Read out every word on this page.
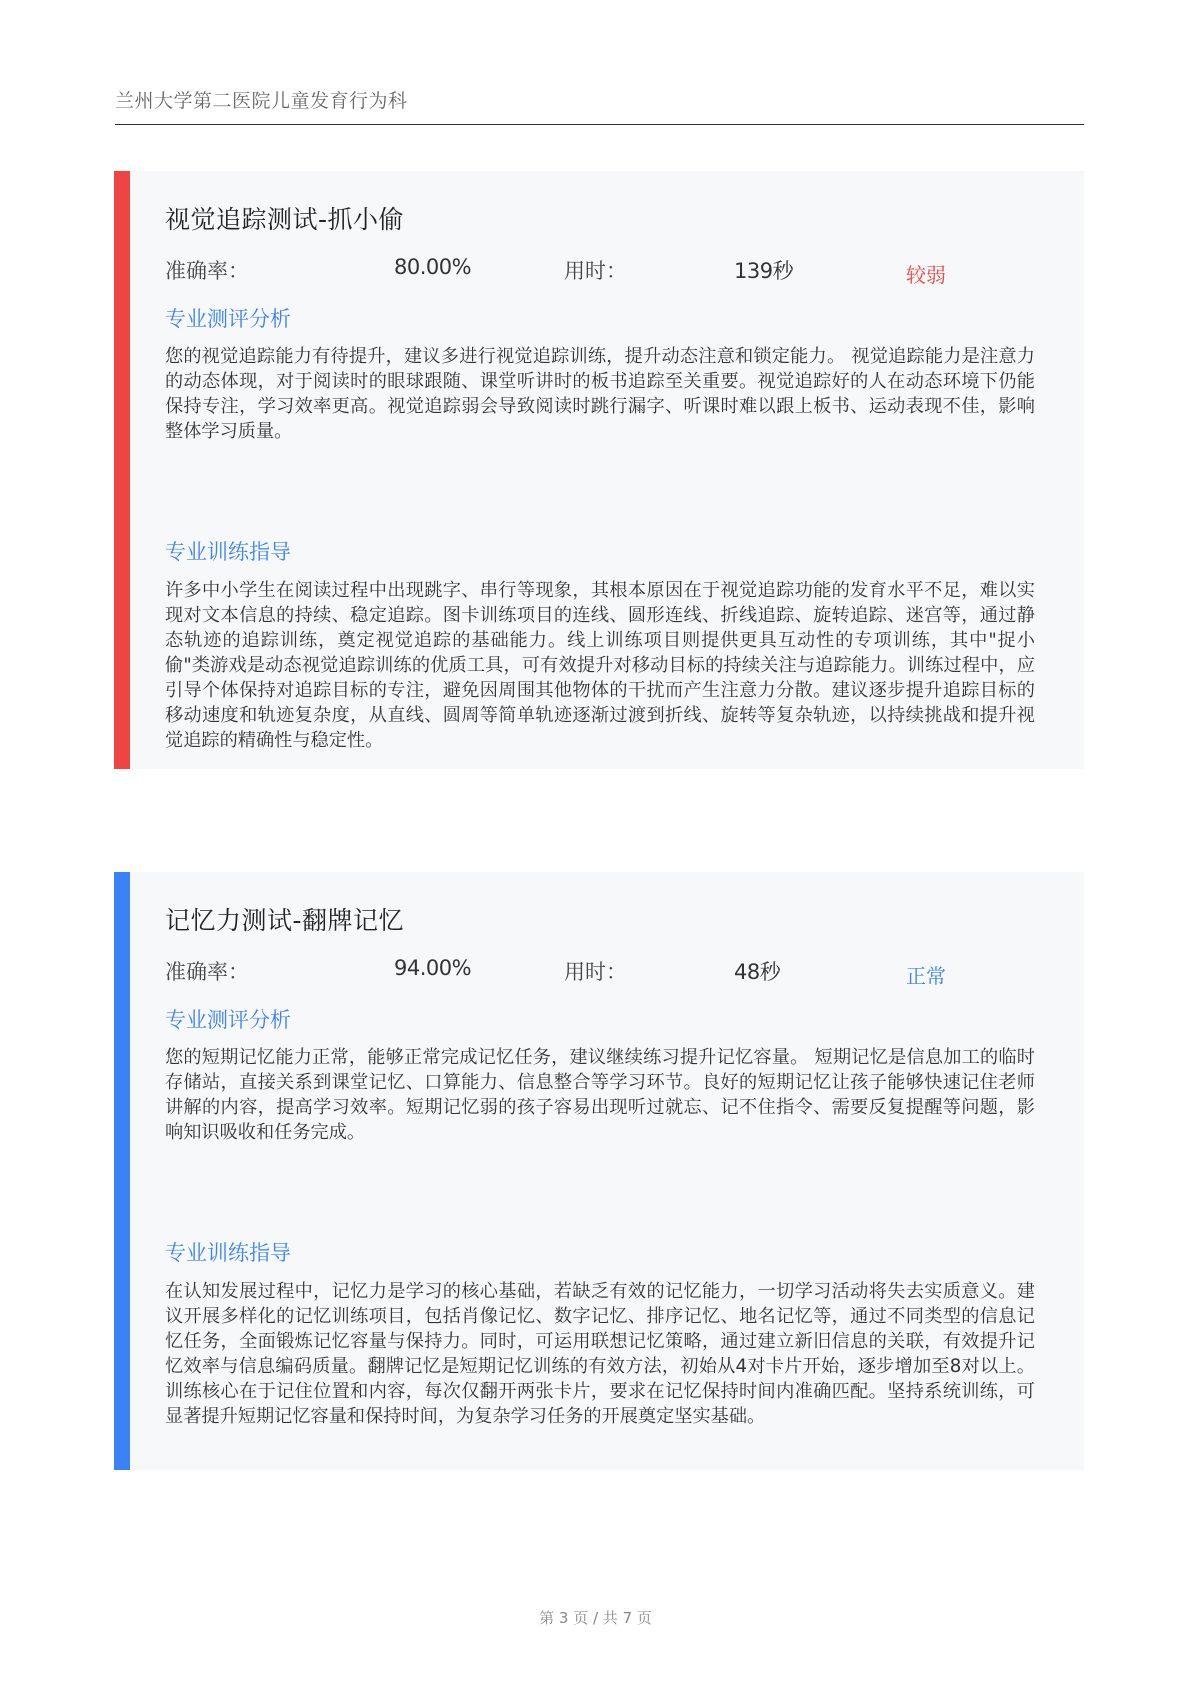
兰州大学第二医院儿童发育行为科
视觉追踪测试-抓小偷
准确率：	80.00%	用时：	139秒	较弱
专业测评分析
您的视觉追踪能力有待提升，建议多进行视觉追踪训练，提升动态注意和锁定能力。 视觉追踪能力是注意力的动态体现，对于阅读时的眼球跟随、课堂听讲时的板书追踪至关重要。视觉追踪好的人在动态环境下仍能保持专注，学习效率更高。视觉追踪弱会导致阅读时跳行漏字、听课时难以跟上板书、运动表现不佳，影响整体学习质量。
专业训练指导
许多中小学生在阅读过程中出现跳字、串行等现象，其根本原因在于视觉追踪功能的发育水平不足，难以实现对文本信息的持续、稳定追踪。图卡训练项目的连线、圆形连线、折线追踪、旋转追踪、迷宫等，通过静态轨迹的追踪训练，奠定视觉追踪的基础能力。线上训练项目则提供更具互动性的专项训练，其中"捉小偷"类游戏是动态视觉追踪训练的优质工具，可有效提升对移动目标的持续关注与追踪能力。训练过程中，应引导个体保持对追踪目标的专注，避免因周围其他物体的干扰而产生注意力分散。建议逐步提升追踪目标的移动速度和轨迹复杂度，从直线、圆周等简单轨迹逐渐过渡到折线、旋转等复杂轨迹，以持续挑战和提升视觉追踪的精确性与稳定性。
记忆力测试-翻牌记忆
准确率：	94.00%	用时：	48秒	正常
专业测评分析
您的短期记忆能力正常，能够正常完成记忆任务，建议继续练习提升记忆容量。 短期记忆是信息加工的临时存储站，直接关系到课堂记忆、口算能力、信息整合等学习环节。良好的短期记忆让孩子能够快速记住老师讲解的内容，提高学习效率。短期记忆弱的孩子容易出现听过就忘、记不住指令、需要反复提醒等问题，影响知识吸收和任务完成。
专业训练指导
在认知发展过程中，记忆力是学习的核心基础，若缺乏有效的记忆能力，一切学习活动将失去实质意义。建议开展多样化的记忆训练项目，包括肖像记忆、数字记忆、排序记忆、地名记忆等，通过不同类型的信息记忆任务，全面锻炼记忆容量与保持力。同时，可运用联想记忆策略，通过建立新旧信息的关联，有效提升记忆效率与信息编码质量。翻牌记忆是短期记忆训练的有效方法，初始从4对卡片开始，逐步增加至8对以上。训练核心在于记住位置和内容，每次仅翻开两张卡片，要求在记忆保持时间内准确匹配。坚持系统训练，可显著提升短期记忆容量和保持时间，为复杂学习任务的开展奠定坚实基础。
第 3 页 / 共 7 页
